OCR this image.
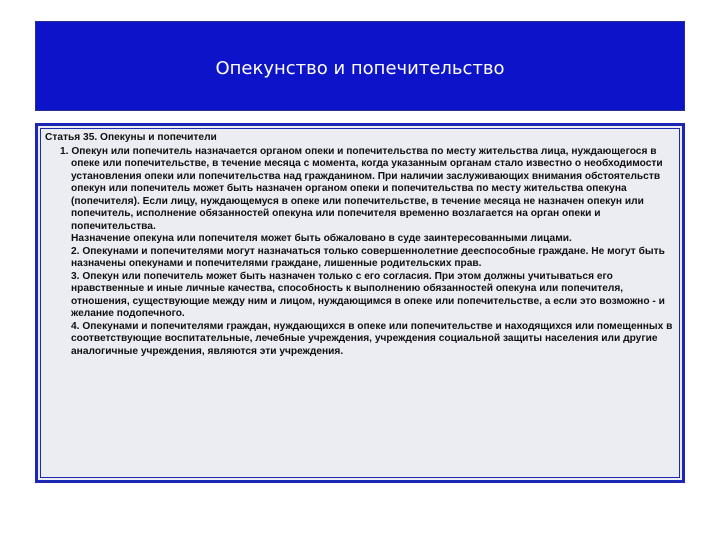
Опекунство и попечительство
Статья 35. Опекуны и попечители

1. Опекун или попечитель назначается органом опеки и попечительства по месту жительства лица, нуждающегося в опеке или попечительстве, в течение месяца с момента, когда указанным органам стало известно о необходимости установления опеки или попечительства над гражданином. При наличии заслуживающих внимания обстоятельств опекун или попечитель может быть назначен органом опеки и попечительства по месту жительства опекуна (попечителя). Если лицу, нуждающемуся в опеке или попечительстве, в течение месяца не назначен опекун или попечитель, исполнение обязанностей опекуна или попечителя временно возлагается на орган опеки и попечительства.

Назначение опекуна или попечителя может быть обжаловано в суде заинтересованными лицами.

2. Опекунами и попечителями могут назначаться только совершеннолетние дееспособные граждане. Не могут быть назначены опекунами и попечителями граждане, лишенные родительских прав.

3. Опекун или попечитель может быть назначен только с его согласия. При этом должны учитываться его нравственные и иные личные качества, способность к выполнению обязанностей опекуна или попечителя, отношения, существующие между ним и лицом, нуждающимся в опеке или попечительстве, а если это возможно - и желание подопечного.

4. Опекунами и попечителями граждан, нуждающихся в опеке или попечительстве и находящихся или помещенных в соответствующие воспитательные, лечебные учреждения, учреждения социальной защиты населения или другие аналогичные учреждения, являются эти учреждения.
